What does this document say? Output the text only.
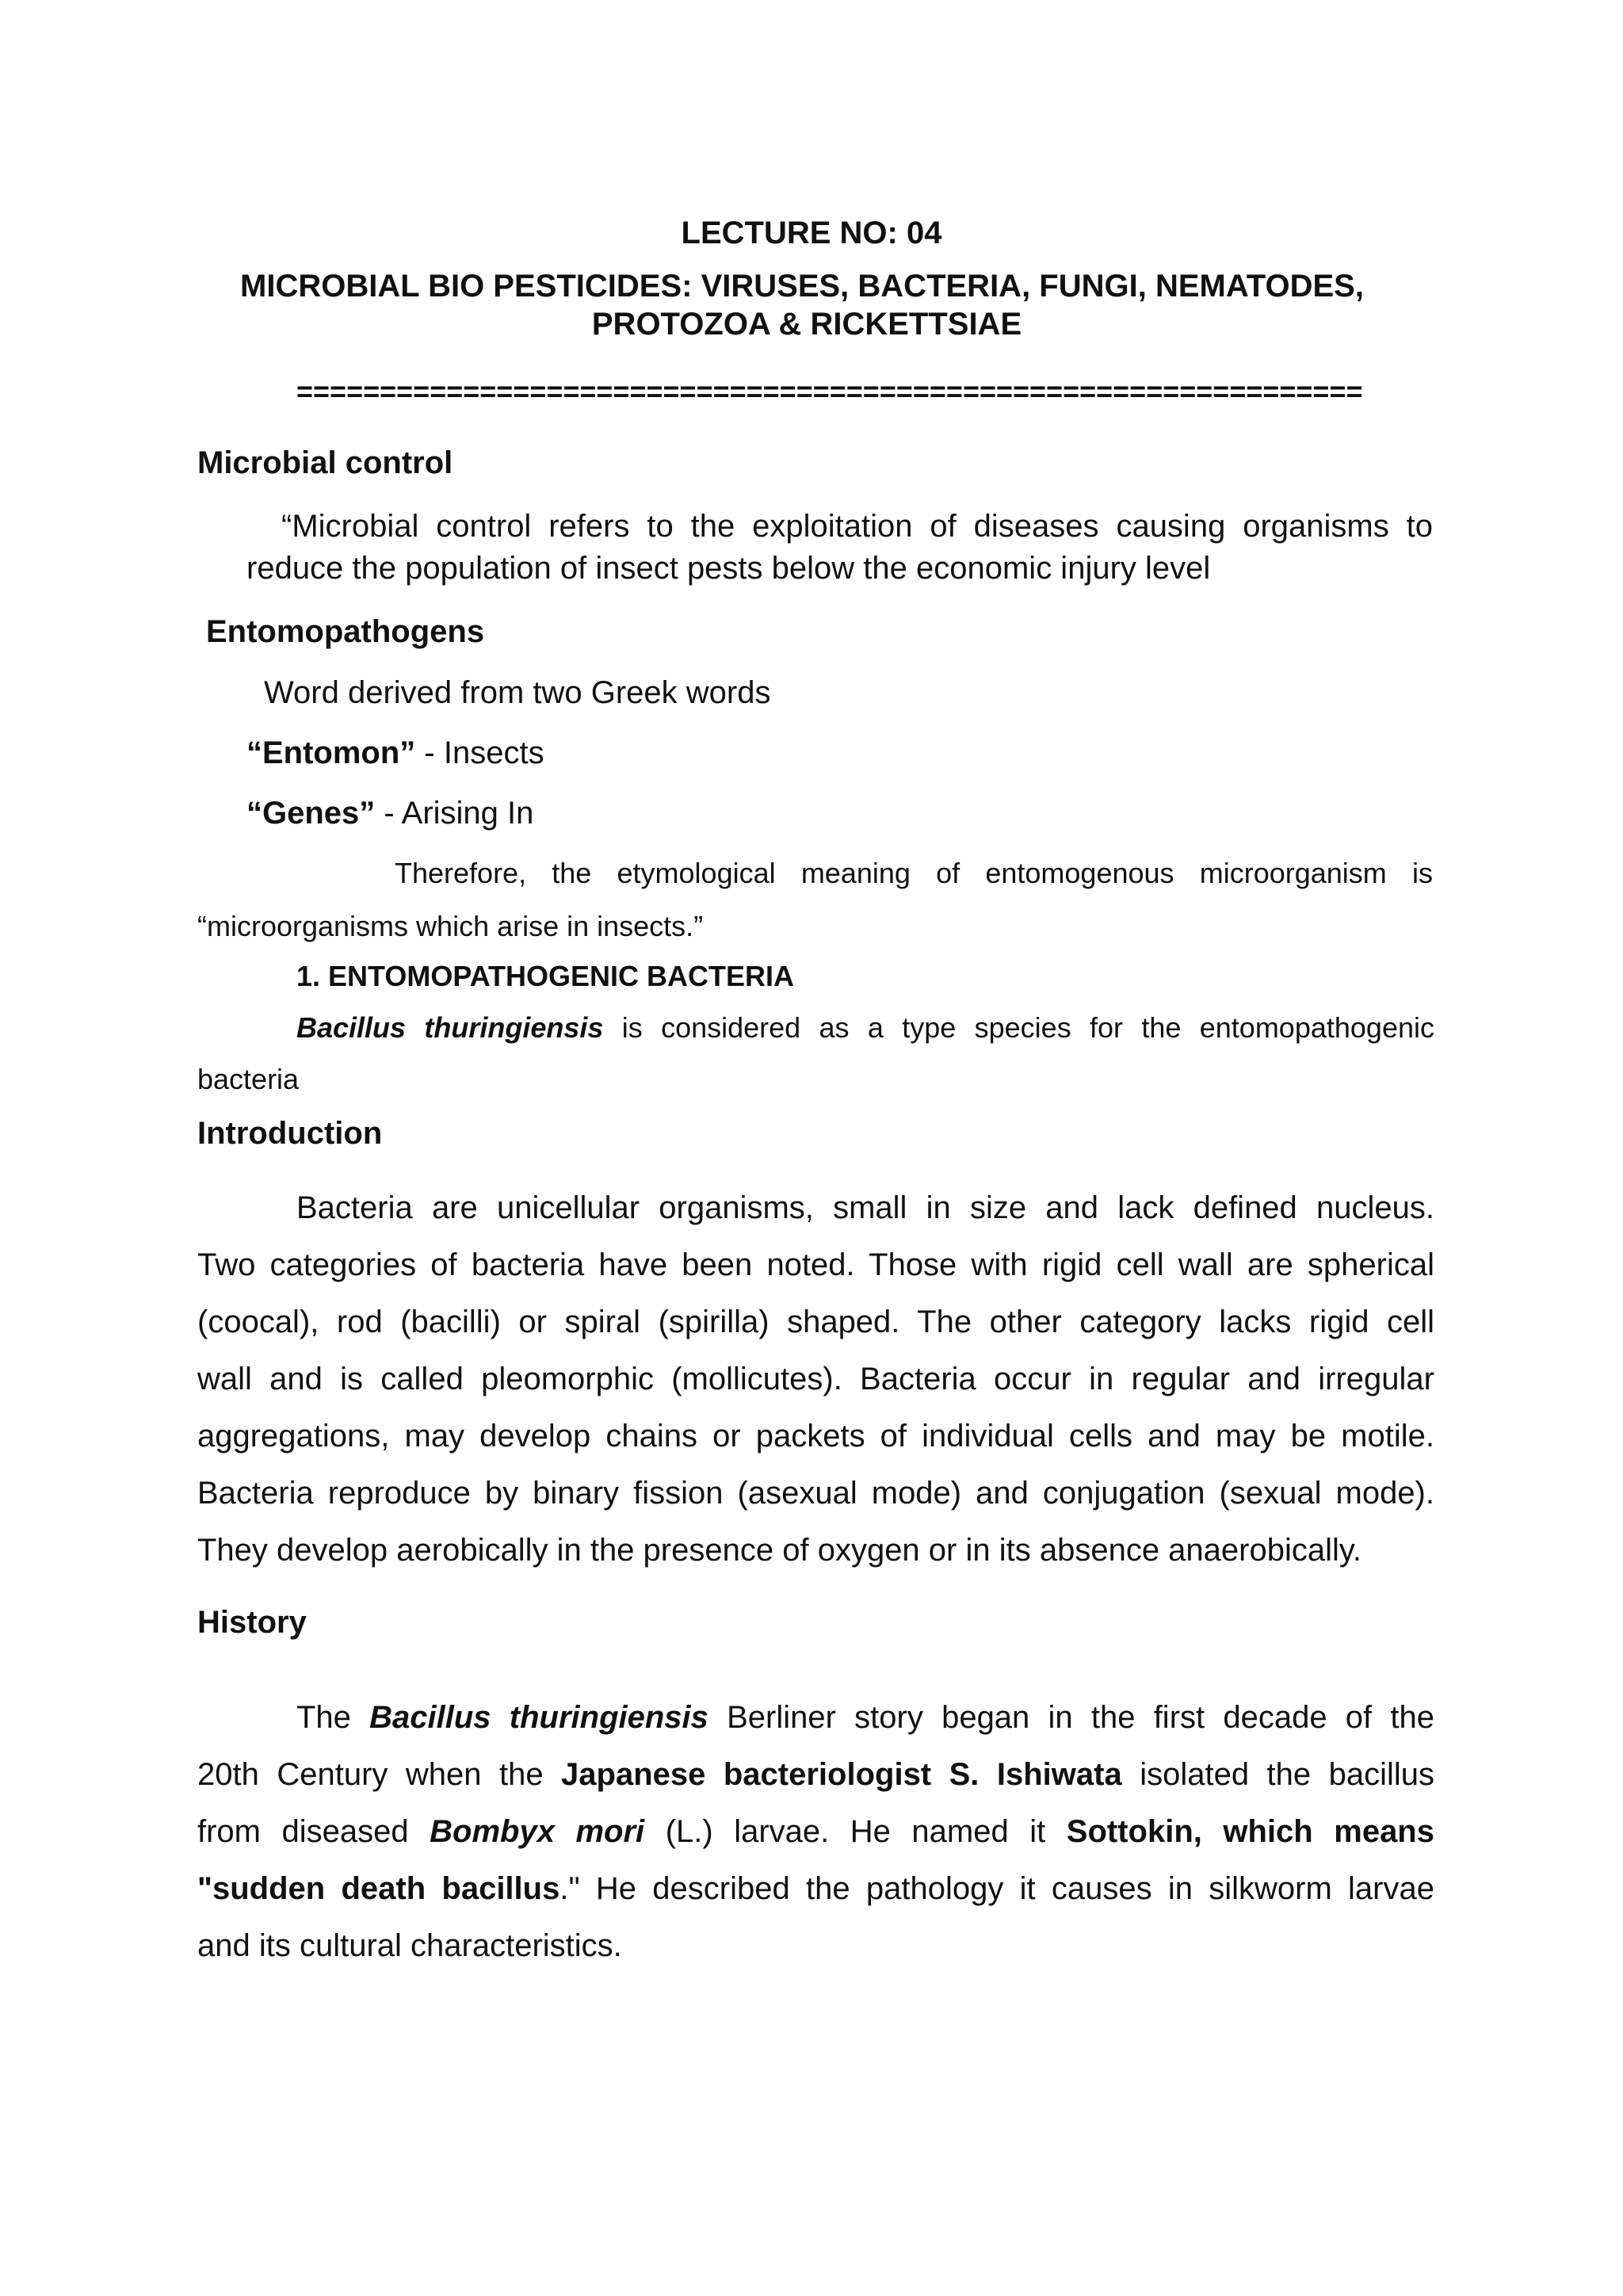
LECTURE NO: 04
MICROBIAL BIO PESTICIDES: VIRUSES, BACTERIA, FUNGI, NEMATODES,
PROTOZOA & RICKETTSIAE
================================================================
Microbial control
“Microbial control refers to the exploitation of diseases causing organisms to
reduce the population of insect pests below the economic injury level
Entomopathogens
Word derived from two Greek words
“Entomon” - Insects
“Genes” - Arising In
Therefore, the etymological meaning of entomogenous microorganism is
“microorganisms which arise in insects.”
1. ENTOMOPATHOGENIC BACTERIA
Bacillus thuringiensis is considered as a type species for the entomopathogenic
bacteria
Introduction
Bacteria are unicellular organisms, small in size and lack defined nucleus.
Two categories of bacteria have been noted. Those with rigid cell wall are spherical
(coocal), rod (bacilli) or spiral (spirilla) shaped. The other category lacks rigid cell
wall and is called pleomorphic (mollicutes). Bacteria occur in regular and irregular
aggregations, may develop chains or packets of individual cells and may be motile.
Bacteria reproduce by binary fission (asexual mode) and conjugation (sexual mode).
They develop aerobically in the presence of oxygen or in its absence anaerobically.
History
The Bacillus thuringiensis Berliner story began in the first decade of the
20th Century when the Japanese bacteriologist S. Ishiwata isolated the bacillus
from diseased Bombyx mori (L.) larvae. He named it Sottokin, which means
"sudden death bacillus." He described the pathology it causes in silkworm larvae
and its cultural characteristics.
